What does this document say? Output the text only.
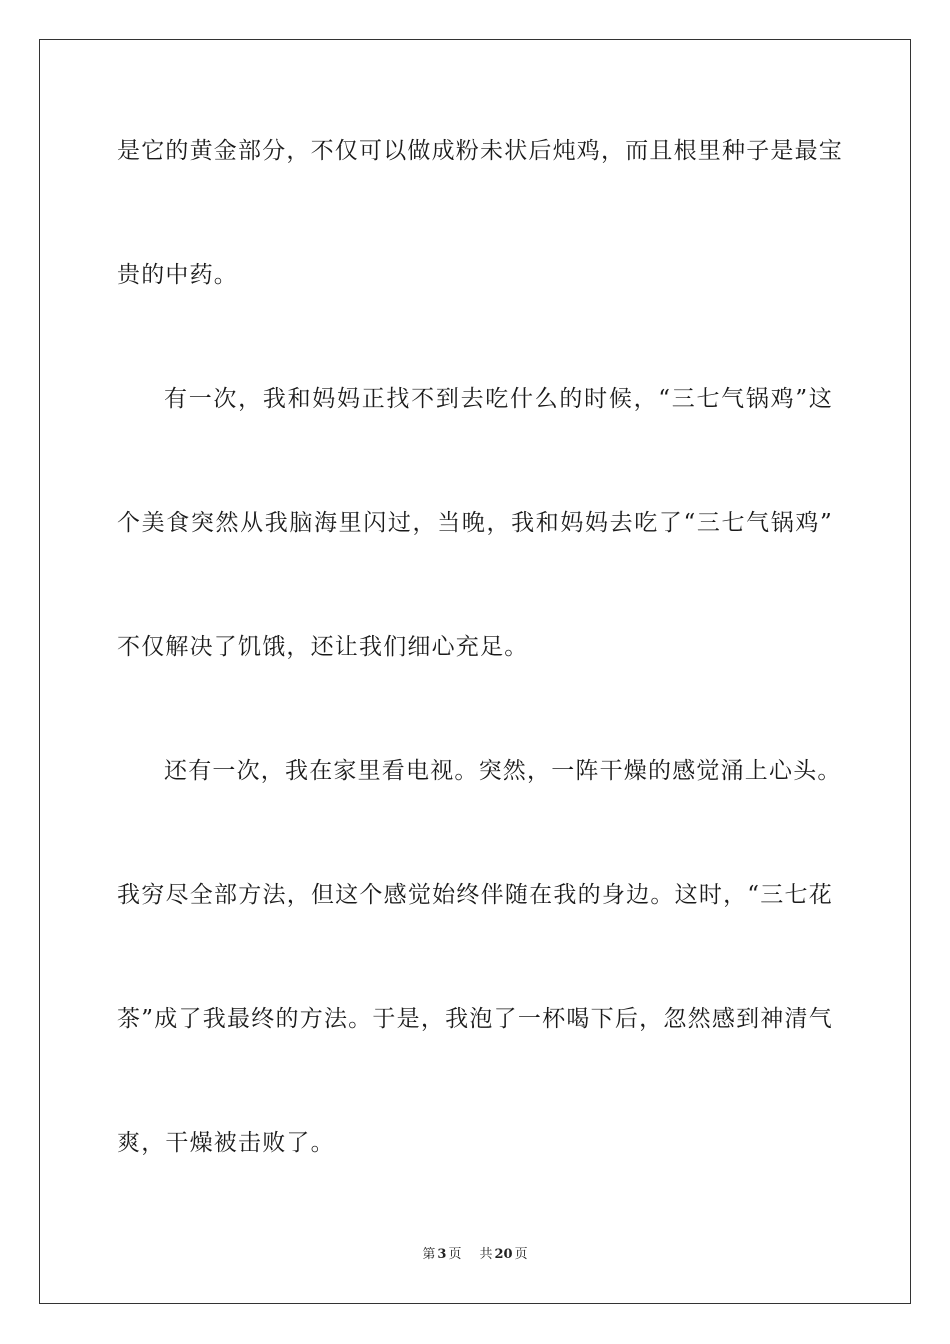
是它的黄金部分，不仅可以做成粉未状后炖鸡，而且根里种子是最宝
贵的中药。
有一次，我和妈妈正找不到去吃什么的时候，“三七气锅鸡”这
个美食突然从我脑海里闪过，当晚，我和妈妈去吃了“三七气锅鸡”
不仅解决了饥饿，还让我们细心充足。
还有一次，我在家里看电视。突然，一阵干燥的感觉涌上心头。
我穷尽全部方法，但这个感觉始终伴随在我的身边。这时，“三七花
茶”成了我最终的方法。于是，我泡了一杯喝下后，忽然感到神清气
爽，干燥被击败了。
第 3 页 共 20 页
